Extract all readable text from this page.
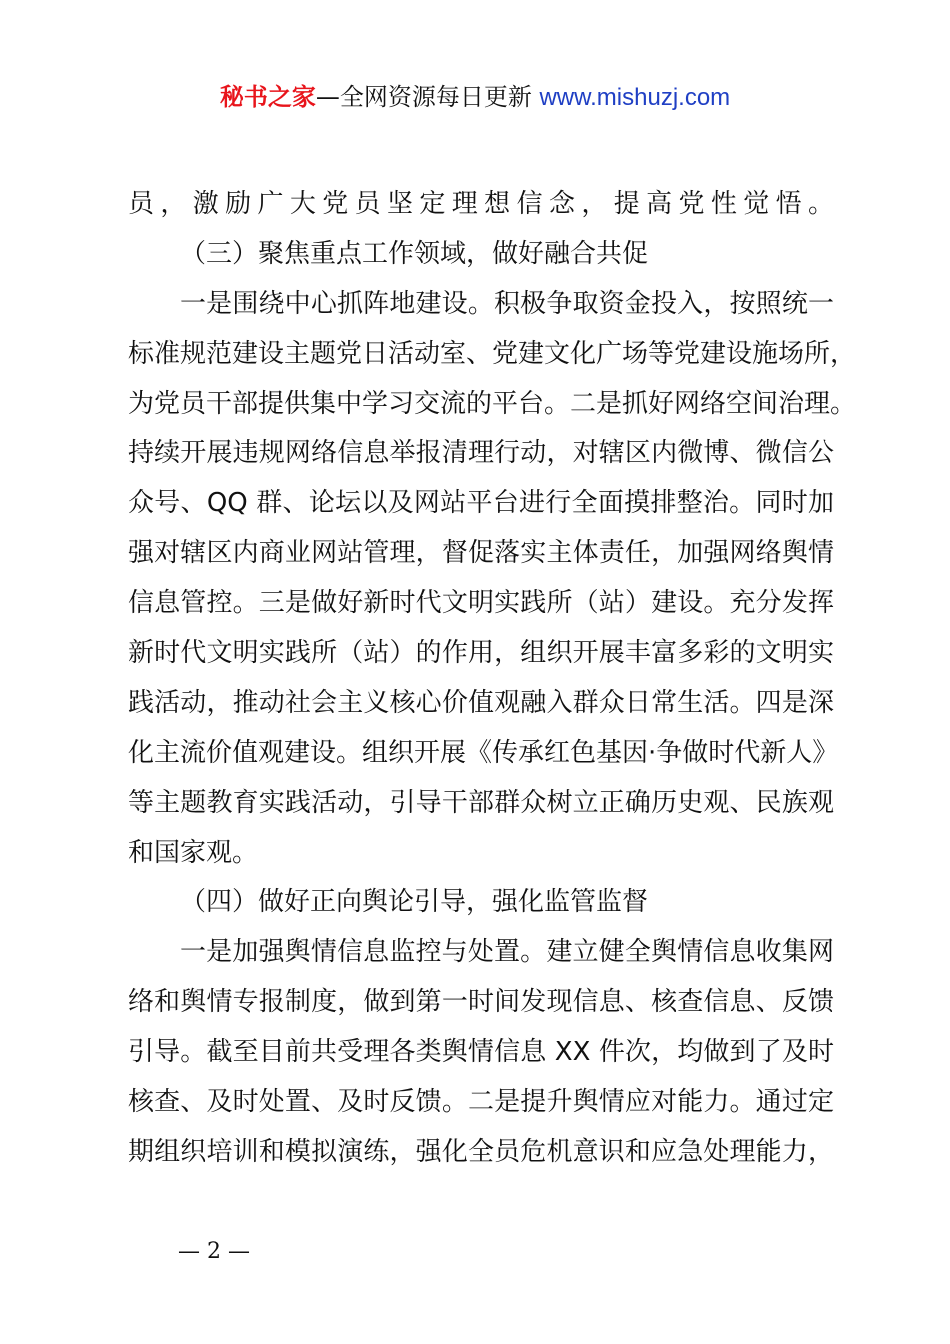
秘书之家—全网资源每日更新 www.mishuzj.com
员，激励广大党员坚定理想信念，提高党性觉悟。
（三）聚焦重点工作领域，做好融合共促
一是围绕中心抓阵地建设。积极争取资金投入，按照统一
标准规范建设主题党日活动室、党建文化广场等党建设施场所，
为党员干部提供集中学习交流的平台。二是抓好网络空间治理。
持续开展违规网络信息举报清理行动，对辖区内微博、微信公
众号、QQ 群、论坛以及网站平台进行全面摸排整治。同时加
强对辖区内商业网站管理，督促落实主体责任，加强网络舆情
信息管控。三是做好新时代文明实践所（站）建设。充分发挥
新时代文明实践所（站）的作用，组织开展丰富多彩的文明实
践活动，推动社会主义核心价值观融入群众日常生活。四是深
化主流价值观建设。组织开展《传承红色基因·争做时代新人》
等主题教育实践活动，引导干部群众树立正确历史观、民族观
和国家观。
（四）做好正向舆论引导，强化监管监督
一是加强舆情信息监控与处置。建立健全舆情信息收集网
络和舆情专报制度，做到第一时间发现信息、核查信息、反馈
引导。截至目前共受理各类舆情信息 XX 件次，均做到了及时
核查、及时处置、及时反馈。二是提升舆情应对能力。通过定
期组织培训和模拟演练，强化全员危机意识和应急处理能力，
— 2 —
